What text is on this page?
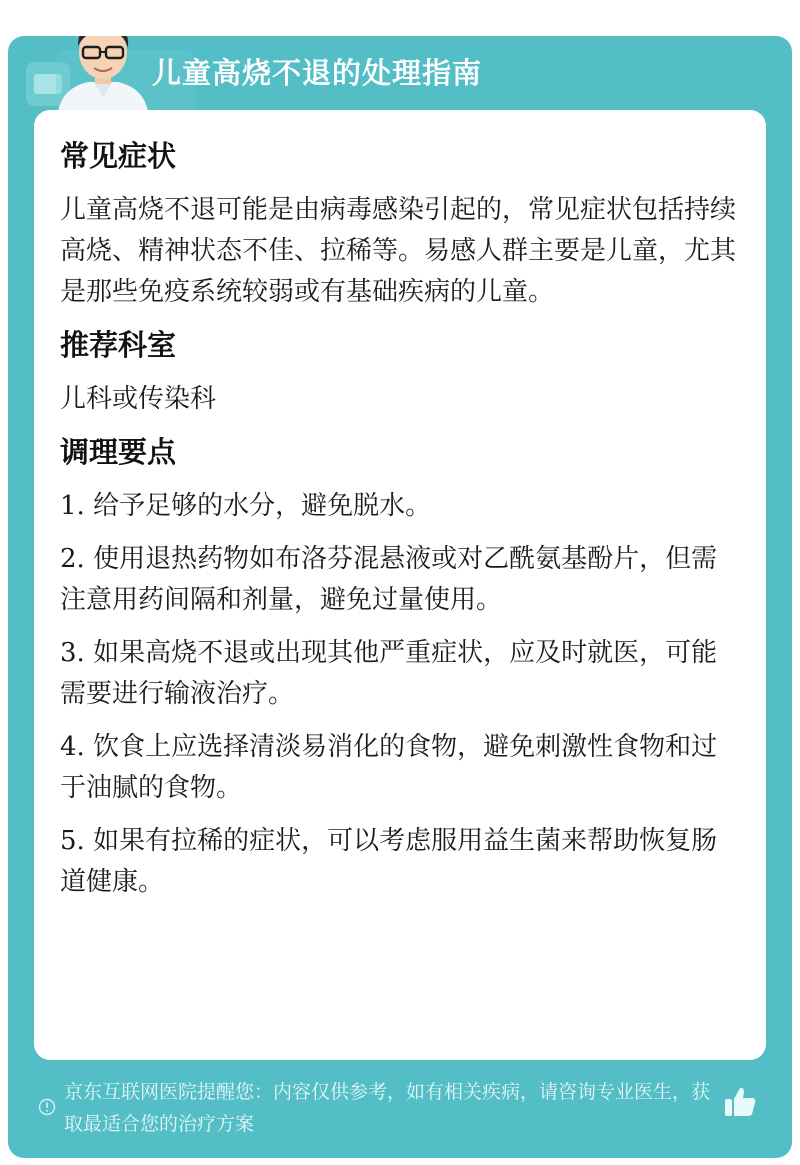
儿童高烧不退的处理指南
常见症状
儿童高烧不退可能是由病毒感染引起的，常见症状包括持续高烧、精神状态不佳、拉稀等。易感人群主要是儿童，尤其是那些免疫系统较弱或有基础疾病的儿童。
推荐科室
儿科或传染科
调理要点
1. 给予足够的水分，避免脱水。
2. 使用退热药物如布洛芬混悬液或对乙酰氨基酚片，但需注意用药间隔和剂量，避免过量使用。
3. 如果高烧不退或出现其他严重症状，应及时就医，可能需要进行输液治疗。
4. 饮食上应选择清淡易消化的食物，避免刺激性食物和过于油腻的食物。
5. 如果有拉稀的症状，可以考虑服用益生菌来帮助恢复肠道健康。
京东互联网医院提醒您：内容仅供参考，如有相关疾病，请咨询专业医生，获取最适合您的治疗方案
